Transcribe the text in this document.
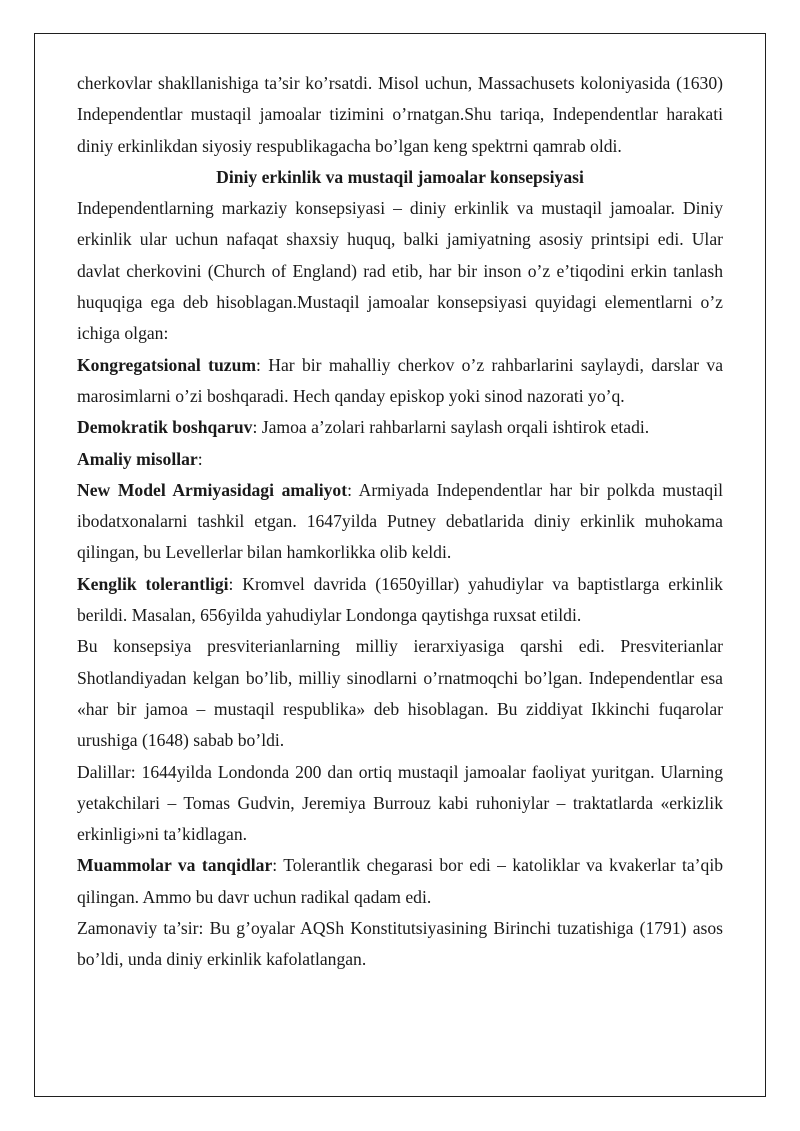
cherkovlar shakllanishiga ta’sir ko’rsatdi. Misol uchun, Massachusets koloniyasida (1630) Independentlar mustaqil jamoalar tizimini o’rnatgan.Shu tariqa, Independentlar harakati diniy erkinlikdan siyosiy respublikagacha bo’lgan keng spektrni qamrab oldi.

Diniy erkinlik va mustaqil jamoalar konsepsiyasi

Independentlarning markaziy konsepsiyasi – diniy erkinlik va mustaqil jamoalar. Diniy erkinlik ular uchun nafaqat shaxsiy huquq, balki jamiyatning asosiy printsipi edi. Ular davlat cherkovini (Church of England) rad etib, har bir inson o’z e’tiqodini erkin tanlash huquqiga ega deb hisoblagan.Mustaqil jamoalar konsepsiyasi quyidagi elementlarni o’z ichiga olgan:

Kongregatsional tuzum: Har bir mahalliy cherkov o’z rahbarlarini saylaydi, darslar va marosimlarni o’zi boshqaradi. Hech qanday episkop yoki sinod nazorati yo’q.

Demokratik boshqaruv: Jamoa a’zolari rahbarlarni saylash orqali ishtirok etadi.

Amaliy misollar:

New Model Armiyasidagi amaliyot: Armiyada Independentlar har bir polkda mustaqil ibodatxonalarni tashkil etgan. 1647yilda Putney debatlarida diniy erkinlik muhokama qilingan, bu Levellerlar bilan hamkorlikka olib keldi.

Kenglik tolerantligi: Kromvel davrida (1650yillar) yahudiylar va baptistlarga erkinlik berildi. Masalan, 656yilda yahudiylar Londonga qaytishga ruxsat etildi.

Bu konsepsiya presviterianlarning milliy ierarxiyasiga qarshi edi. Presviterianlar Shotlandiyadan kelgan bo’lib, milliy sinodlarni o’rnatmoqchi bo’lgan. Independentlar esa «har bir jamoa – mustaqil respublika» deb hisoblagan. Bu ziddiyat Ikkinchi fuqarolar urushiga (1648) sabab bo’ldi.

Dalillar: 1644yilda Londonda 200 dan ortiq mustaqil jamoalar faoliyat yuritgan. Ularning yetakchilari – Tomas Gudvin, Jeremiya Burrouz kabi ruhoniylar – traktatlarda «erkizlik erkinligi»ni ta’kidlagan.

Muammolar va tanqidlar: Tolerantlik chegarasi bor edi – katoliklar va kvakerlar ta’qib qilingan. Ammo bu davr uchun radikal qadam edi.

Zamonaviy ta’sir: Bu g’oyalar AQSh Konstitutsiyasining Birinchi tuzatishiga (1791) asos bo’ldi, unda diniy erkinlik kafolatlangan.
